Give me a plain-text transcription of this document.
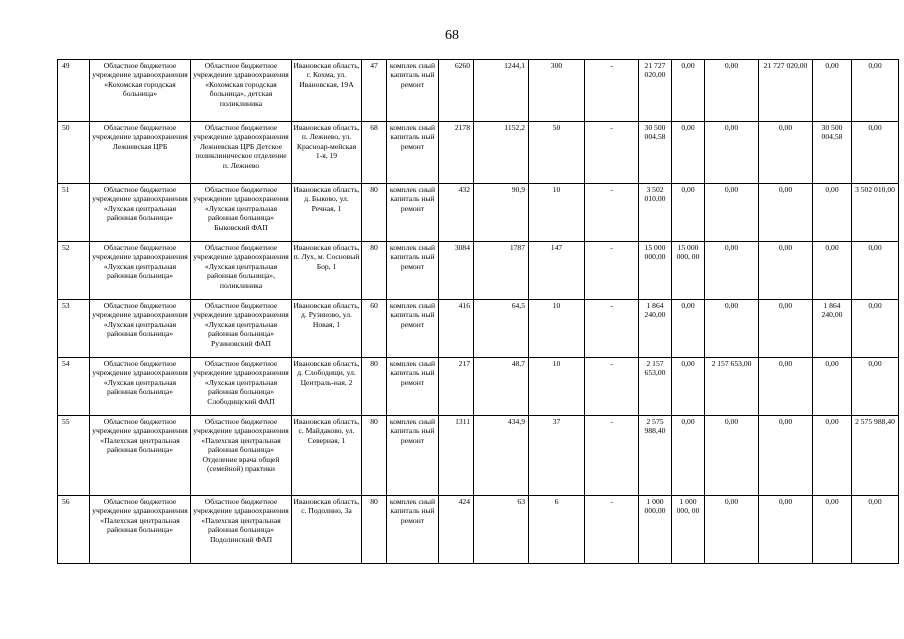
68
49	Областное бюджетное учреждение здравоохранения «Кохомская городская больница»	Областное бюджетное учреждение здравоохранения «Кохомская городская больница», детская поликлиника	Ивановская область, г. Кохма, ул. Ивановская, 19А	47	комплек сный капиталь ный ремонт	6260	1244,1	300	-	21 727 020,00	0,00	0,00	21 727 020,00	0,00	0,00
50	Областное бюджетное учреждение здравоохранения Лежневская ЦРБ	Областное бюджетное учреждение здравоохранения Лежневская ЦРБ Детское поликлиническое отделение п. Лежнево	Ивановская область, п. Лежнево, ул. Красноар-мейская 1-я, 19	68	комплек сный капиталь ный ремонт	2178	1152,2	50	-	30 500 004,58	0,00	0,00	0,00	30 500 004,58	0,00
51	Областное бюджетное учреждение здравоохранения «Лухская центральная районная больница»	Областное бюджетное учреждение здравоохранения «Лухская центральная районная больница» Быковский ФАП	Ивановская область, д. Быково, ул. Речная, 1	80	комплек сный капиталь ный ремонт	432	90,9	10	-	3 502 010,00	0,00	0,00	0,00	0,00	3 502 010,00
52	Областное бюджетное учреждение здравоохранения «Лухская центральная районная больница»	Областное бюджетное учреждение здравоохранения «Лухская центральная районная больница», поликлиника	Ивановская область, п. Лух, м. Сосновый Бор, 1	80	комплек сный капиталь ный ремонт	3084	1787	147	-	15 000 000,00	15 000 000, 00	0,00	0,00	0,00	0,00
53	Областное бюджетное учреждение здравоохранения «Лухская центральная районная больница»	Областное бюджетное учреждение здравоохранения «Лухская центральная районная больница» Рузиновский ФАП	Ивановская область, д. Рузиново, ул. Новая, 1	60	комплек сный капиталь ный ремонт	416	64,5	10	-	1 864 240,00	0,00	0,00	0,00	1 864 240,00	0,00
54	Областное бюджетное учреждение здравоохранения «Лухская центральная районная больница»	Областное бюджетное учреждение здравоохранения «Лухская центральная районная больница» Слободищский ФАП	Ивановская область, д. Слободищи, ул. Централь-ная, 2	80	комплек сный капиталь ный ремонт	217	48,7	10	-	2 157 653,00	0,00	2 157 653,00	0,00	0,00	0,00
55	Областное бюджетное учреждение здравоохранения «Палехская центральная районная больница»	Областное бюджетное учреждение здравоохранения «Палехская центральная районная больница» Отделение врача общей (семейной) практики	Ивановская область, с. Майдаково, ул. Северная, 1	80	комплек сный капиталь ный ремонт	1311	434,9	37	-	2 575 988,40	0,00	0,00	0,00	0,00	2 575 988,40
56	Областное бюджетное учреждение здравоохранения «Палехская центральная районная больница»	Областное бюджетное учреждение здравоохранения «Палехская центральная районная больница» Подолинский ФАП	Ивановская область, с. Подолино, 3а	80	комплек сный капиталь ный ремонт	424	63	6	-	1 000 000,00	1 000 000, 00	0,00	0,00	0,00	0,00
